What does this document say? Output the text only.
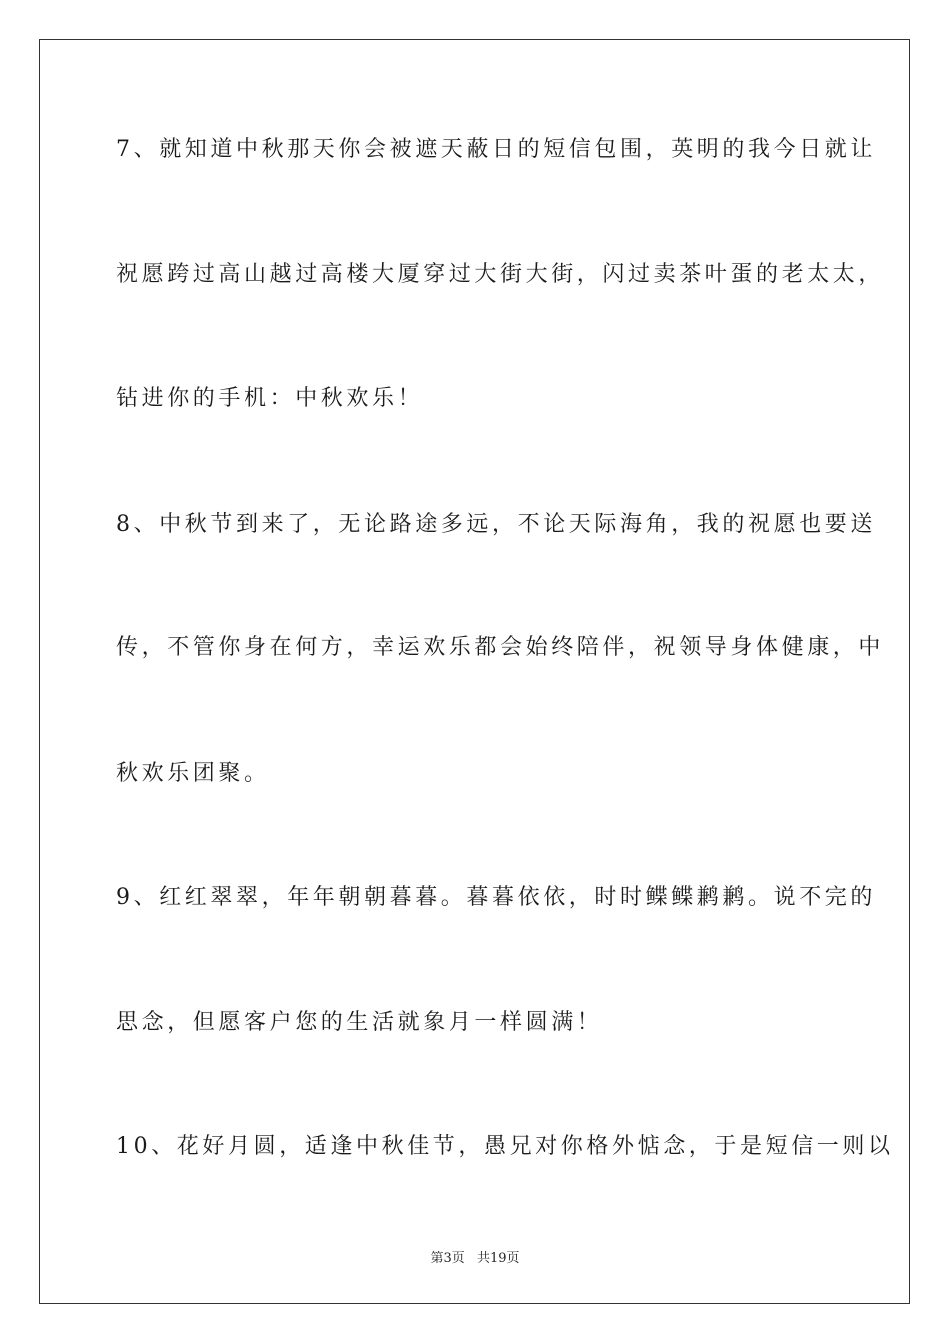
7、就知道中秋那天你会被遮天蔽日的短信包围，英明的我今日就让
祝愿跨过高山越过高楼大厦穿过大街大街，闪过卖茶叶蛋的老太太，
钻进你的手机：中秋欢乐！
8、中秋节到来了，无论路途多远，不论天际海角，我的祝愿也要送
传，不管你身在何方，幸运欢乐都会始终陪伴，祝领导身体健康，中
秋欢乐团聚。
9、红红翠翠，年年朝朝暮暮。暮暮依依，时时鲽鲽鹣鹣。说不完的
思念，但愿客户您的生活就象月一样圆满！
10、花好月圆，适逢中秋佳节，愚兄对你格外惦念，于是短信一则以
第3页 共19页
